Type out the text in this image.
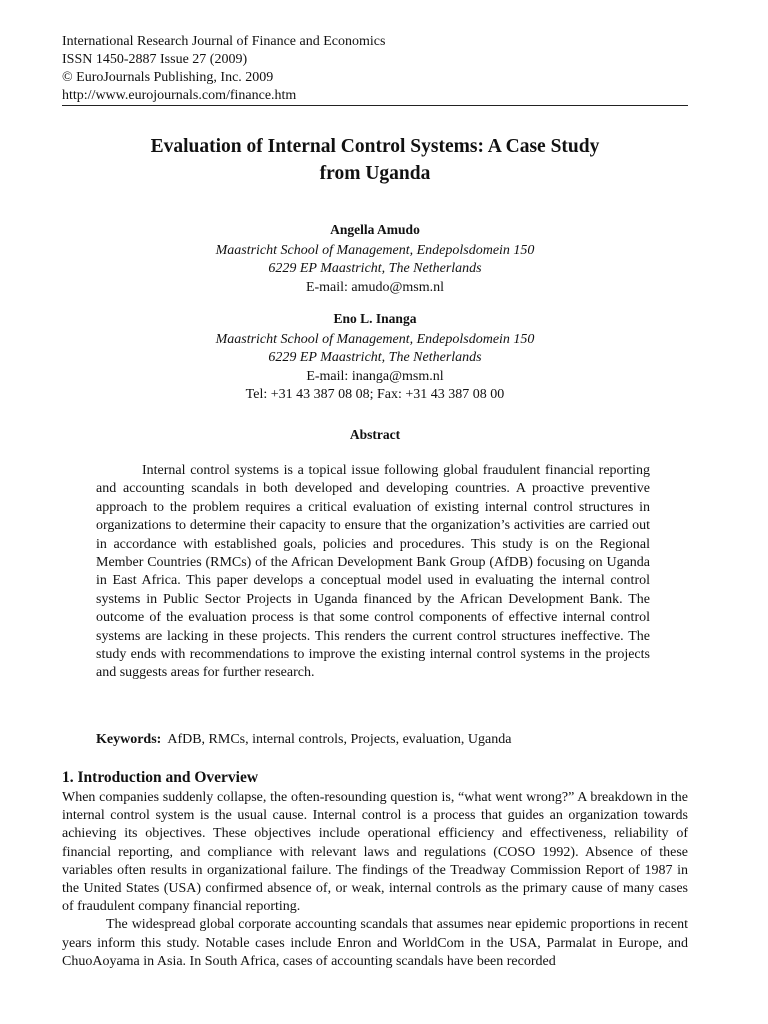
International Research Journal of Finance and Economics
ISSN 1450-2887 Issue 27 (2009)
© EuroJournals Publishing, Inc. 2009
http://www.eurojournals.com/finance.htm
Evaluation of Internal Control Systems: A Case Study
from Uganda
Angella Amudo
Maastricht School of Management, Endepolsdomein 150
6229 EP Maastricht, The Netherlands
E-mail: amudo@msm.nl
Eno L. Inanga
Maastricht School of Management, Endepolsdomein 150
6229 EP Maastricht, The Netherlands
E-mail: inanga@msm.nl
Tel: +31 43 387 08 08; Fax: +31 43 387 08 00
Abstract

Internal control systems is a topical issue following global fraudulent financial reporting and accounting scandals in both developed and developing countries. A proactive preventive approach to the problem requires a critical evaluation of existing internal control structures in organizations to determine their capacity to ensure that the organization’s activities are carried out in accordance with established goals, policies and procedures. This study is on the Regional Member Countries (RMCs) of the African Development Bank Group (AfDB) focusing on Uganda in East Africa. This paper develops a conceptual model used in evaluating the internal control systems in Public Sector Projects in Uganda financed by the African Development Bank. The outcome of the evaluation process is that some control components of effective internal control systems are lacking in these projects. This renders the current control structures ineffective. The study ends with recommendations to improve the existing internal control systems in the projects and suggests areas for further research.

Keywords: AfDB, RMCs, internal controls, Projects, evaluation, Uganda
1. Introduction and Overview

When companies suddenly collapse, the often-resounding question is, “what went wrong?” A breakdown in the internal control system is the usual cause. Internal control is a process that guides an organization towards achieving its objectives. These objectives include operational efficiency and effectiveness, reliability of financial reporting, and compliance with relevant laws and regulations (COSO 1992). Absence of these variables often results in organizational failure. The findings of the Treadway Commission Report of 1987 in the United States (USA) confirmed absence of, or weak, internal controls as the primary cause of many cases of fraudulent company financial reporting.

The widespread global corporate accounting scandals that assumes near epidemic proportions in recent years inform this study. Notable cases include Enron and WorldCom in the USA, Parmalat in Europe, and ChuoAoyama in Asia. In South Africa, cases of accounting scandals have been recorded
